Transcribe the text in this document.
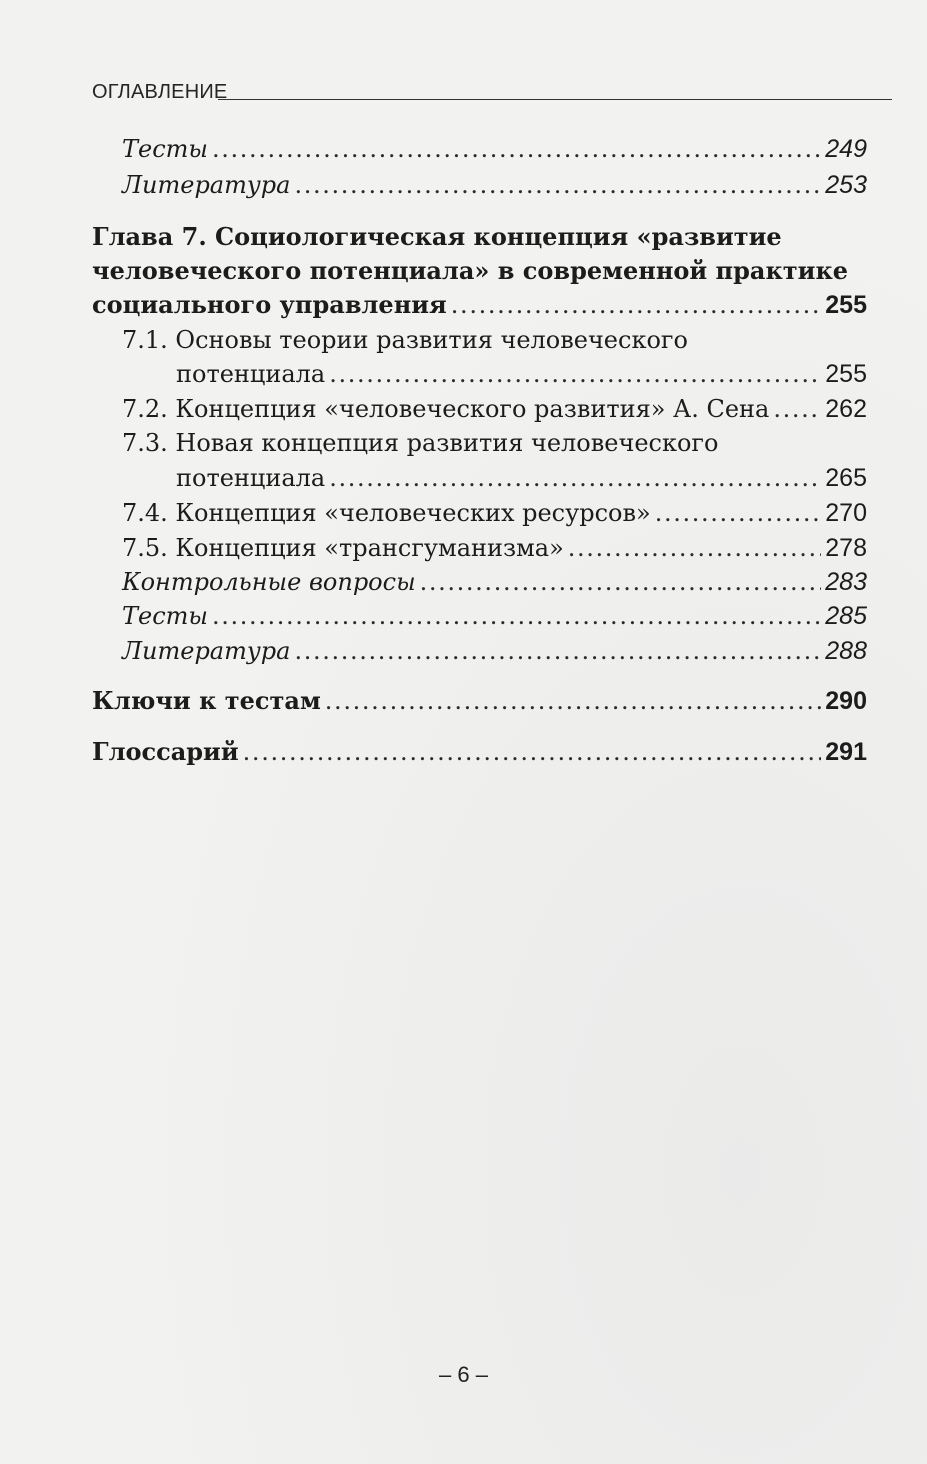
ОГЛАВЛЕНИЕ
Тесты . . .	249
Литература . . .	253
Глава 7. Социологическая концепция «развитие
человеческого потенциала» в современной практике
социального управления . . .	255
7.1. Основы теории развития человеческого
потенциала . . .	255
7.2. Концепция «человеческого развития» А. Сена . . . 262
7.3. Новая концепция развития человеческого
потенциала . . .	265
7.4. Концепция «человеческих ресурсов» . . .	270
7.5. Концепция «трансгуманизма» . . .	278
Контрольные вопросы . . .	283
Тесты . . .	285
Литература . . .	288
Ключи к тестам . . .	290
Глоссарий . . .	291
– 6 –
